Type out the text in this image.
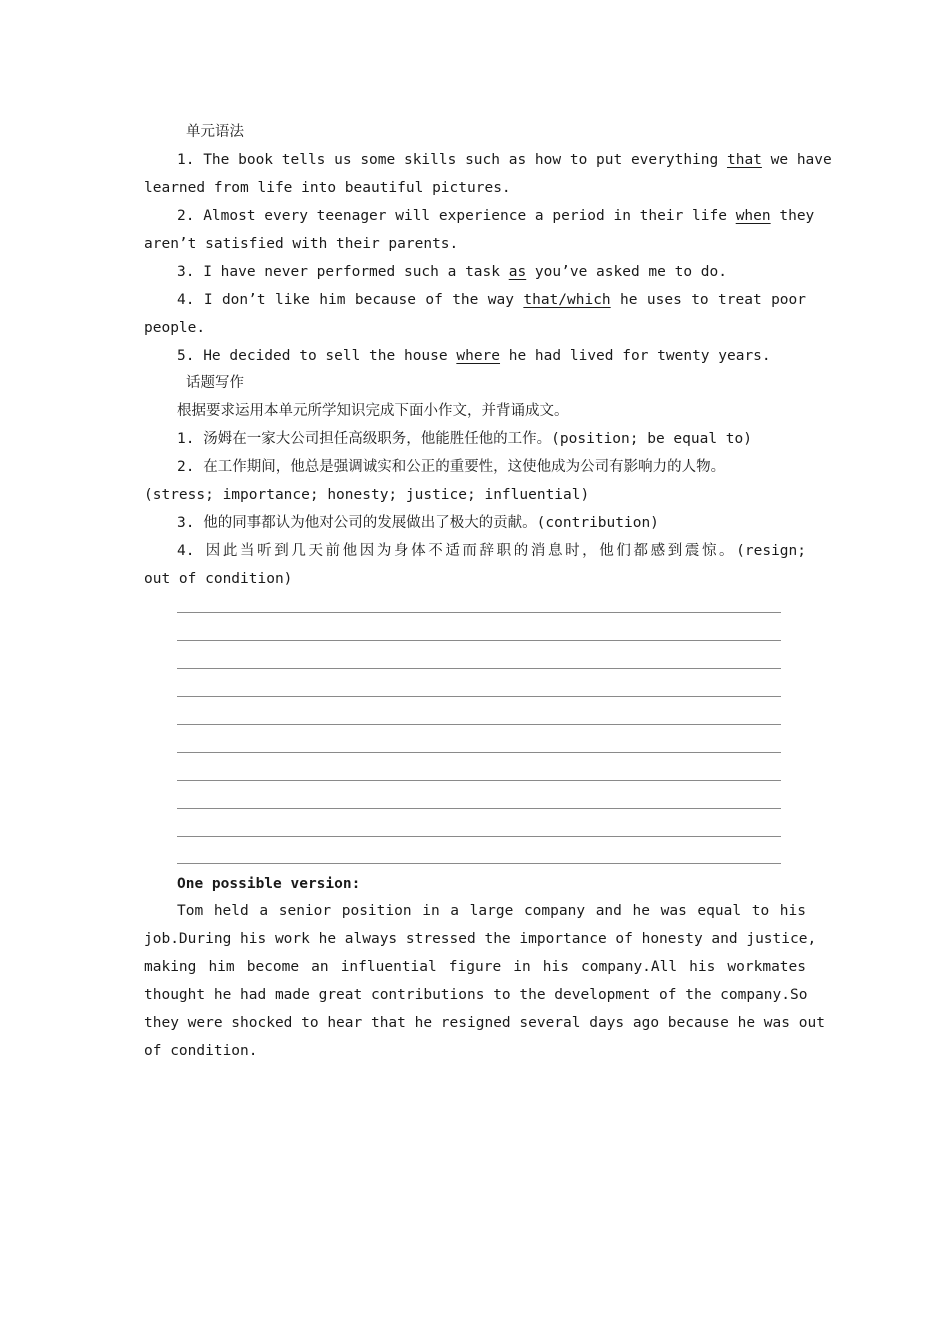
单元语法
1. The book tells us some skills such as how to put everything that we have
learned from life into beautiful pictures.
2. Almost every teenager will experience a period in their life when they
aren’t satisfied with their parents.
3. I have never performed such a task as you’ve asked me to do.
4. I don’t like him because of the way that/which he uses to treat poor
people.
5. He decided to sell the house where he had lived for twenty years.
话题写作
根据要求运用本单元所学知识完成下面小作文，并背诵成文。
1. 汤姆在一家大公司担任高级职务，他能胜任他的工作。(position; be equal to)
2. 在工作期间，他总是强调诚实和公正的重要性，这使他成为公司有影响力的人物。
(stress; importance; honesty; justice; influential)
3. 他的同事都认为他对公司的发展做出了极大的贡献。(contribution)
4. 因此当听到几天前他因为身体不适而辞职的消息时，他们都感到震惊。(resign;
out of condition)
One possible version:
Tom held a senior position in a large company and he was equal to his
job.During his work he always stressed the importance of honesty and justice,
making him become an influential figure in his company.All his workmates
thought he had made great contributions to the development of the company.So
they were shocked to hear that he resigned several days ago because he was out
of condition.
